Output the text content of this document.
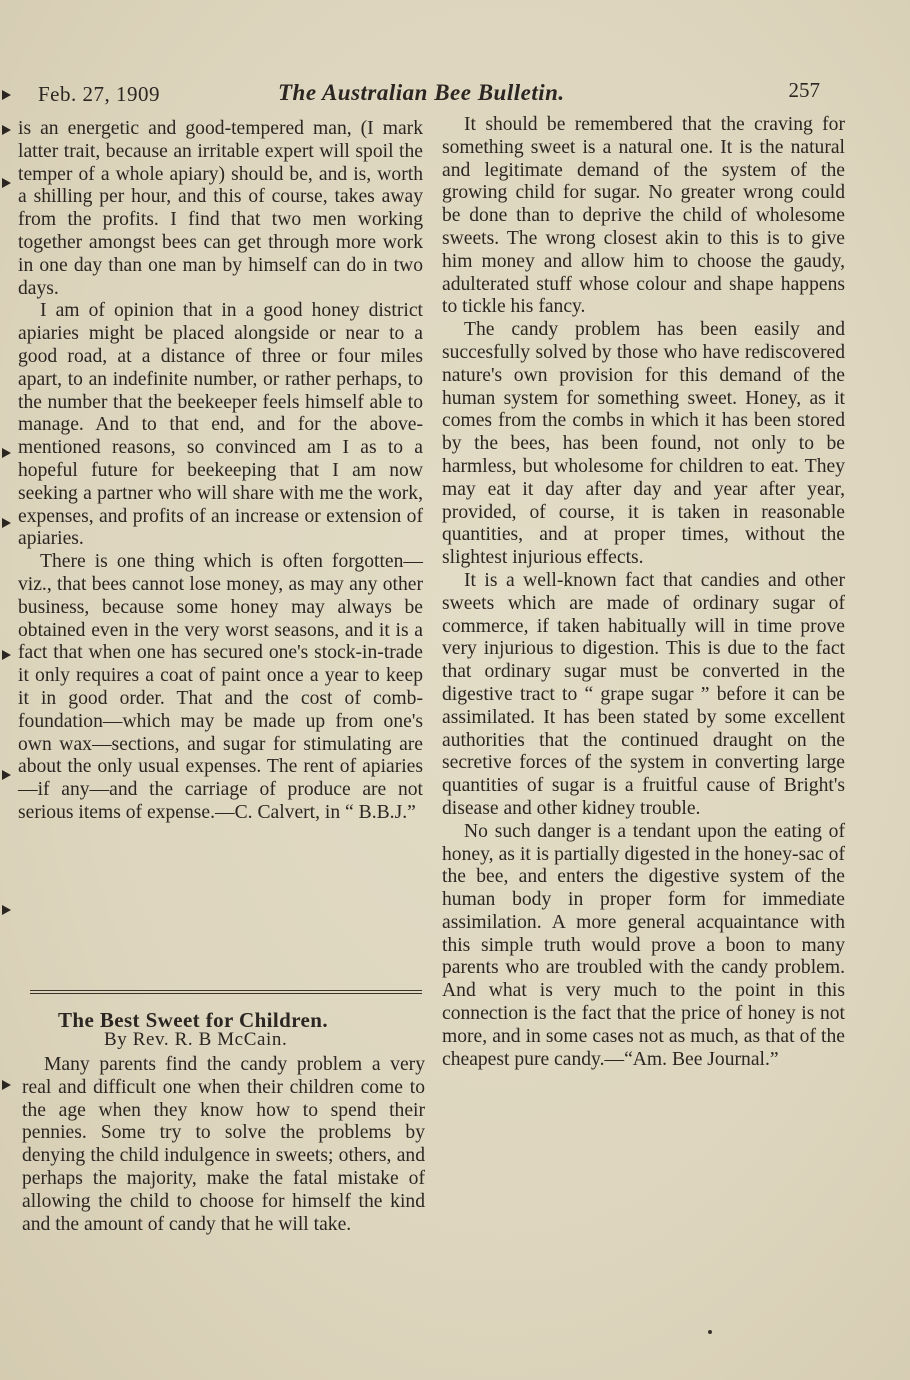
Feb. 27, 1909	The Australian Bee Bulletin.	257

is an energetic and good-tempered man, (I mark latter trait, because an irritable expert will spoil the temper of a whole apiary) should be, and is, worth a shilling per hour, and this of course, takes away from the profits. I find that two men working together amongst bees can get through more work in one day than one man by himself can do in two days.

I am of opinion that in a good honey district apiaries might be placed alongside or near to a good road, at a distance of three or four miles apart, to an indefinite number, or rather perhaps, to the number that the beekeeper feels himself able to manage. And to that end, and for the above-mentioned reasons, so convinced am I as to a hopeful future for beekeeping that I am now seeking a partner who will share with me the work, expenses, and profits of an increase or extension of apiaries.

There is one thing which is often forgotten—viz., that bees cannot lose money, as may any other business, because some honey may always be obtained even in the very worst seasons, and it is a fact that when one has secured one's stock-in-trade it only requires a coat of paint once a year to keep it in good order. That and the cost of comb-foundation—which may be made up from one's own wax—sections, and sugar for stimulating are about the only usual expenses. The rent of apiaries —if any—and the carriage of produce are not serious items of expense.—C. Calvert, in “ B.B.J.”

The Best Sweet for Children.
By Rev. R. B McCain.

Many parents find the candy problem a very real and difficult one when their children come to the age when they know how to spend their pennies. Some try to solve the problems by denying the child indulgence in sweets; others, and perhaps the majority, make the fatal mistake of allowing the child to choose for himself the kind and the amount of candy that he will take.

It should be remembered that the craving for something sweet is a natural one. It is the natural and legitimate demand of the system of the growing child for sugar. No greater wrong could be done than to deprive the child of wholesome sweets. The wrong closest akin to this is to give him money and allow him to choose the gaudy, adulterated stuff whose colour and shape happens to tickle his fancy.

The candy problem has been easily and succesfully solved by those who have rediscovered nature's own provision for this demand of the human system for something sweet. Honey, as it comes from the combs in which it has been stored by the bees, has been found, not only to be harmless, but wholesome for children to eat. They may eat it day after day and year after year, provided, of course, it is taken in reasonable quantities, and at proper times, without the slightest injurious effects.

It is a well-known fact that candies and other sweets which are made of ordinary sugar of commerce, if taken habitually will in time prove very injurious to digestion. This is due to the fact that ordinary sugar must be converted in the digestive tract to “ grape sugar ” before it can be assimilated. It has been stated by some excellent authorities that the continued draught on the secretive forces of the system in converting large quantities of sugar is a fruitful cause of Bright's disease and other kidney trouble.

No such danger is a tendant upon the eating of honey, as it is partially digested in the honey-sac of the bee, and enters the digestive system of the human body in proper form for immediate assimilation. A more general acquaintance with this simple truth would prove a boon to many parents who are troubled with the candy problem. And what is very much to the point in this connection is the fact that the price of honey is not more, and in some cases not as much, as that of the cheapest pure candy.—“Am. Bee Journal.”
